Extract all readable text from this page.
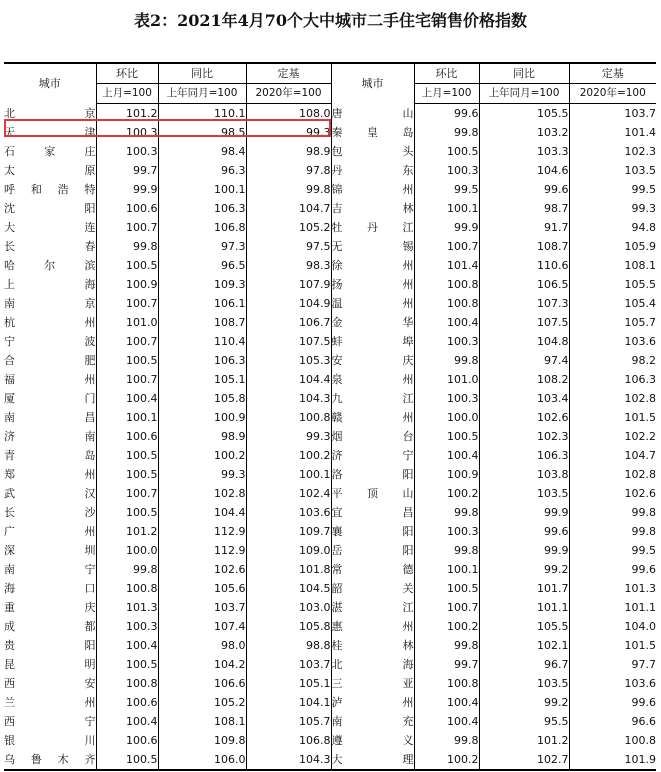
表2：2021年4月70个大中城市二手住宅销售价格指数
城市	环比	同比	定基	城市	环比	同比	定基
	上月=100	上年同月=100	2020年=100		上月=100	上年同月=100	2020年=100
北京	101.2	110.1	108.0	唐山	99.6	105.5	103.7
天津	100.3	98.5	99.3	秦皇岛	99.8	103.2	101.4
石家庄	100.3	98.4	98.9	包头	100.5	103.3	102.3
太原	99.7	96.3	97.8	丹东	100.3	104.6	103.5
呼和浩特	99.9	100.1	99.8	锦州	99.5	99.6	99.5
沈阳	100.6	106.3	104.7	吉林	100.1	98.7	99.3
大连	100.7	106.8	105.2	牡丹江	99.9	91.7	94.8
长春	99.8	97.3	97.5	无锡	100.7	108.7	105.9
哈尔滨	100.5	96.5	98.3	徐州	101.4	110.6	108.1
上海	100.9	109.3	107.9	扬州	100.8	106.5	105.5
南京	100.7	106.1	104.9	温州	100.8	107.3	105.4
杭州	101.0	108.7	106.7	金华	100.4	107.5	105.7
宁波	100.7	110.4	107.5	蚌埠	100.3	104.8	103.6
合肥	100.5	106.3	105.3	安庆	99.8	97.4	98.2
福州	100.7	105.1	104.4	泉州	101.0	108.2	106.3
厦门	100.4	105.8	104.3	九江	100.3	103.4	102.8
南昌	100.1	100.9	100.8	赣州	100.0	102.6	101.5
济南	100.6	98.9	99.3	烟台	100.5	102.3	102.2
青岛	100.5	100.2	100.2	济宁	100.4	106.3	104.7
郑州	100.5	99.3	100.1	洛阳	100.9	103.8	102.8
武汉	100.7	102.8	102.4	平顶山	100.2	103.5	102.6
长沙	100.5	104.4	103.6	宜昌	99.8	99.9	99.8
广州	101.2	112.9	109.7	襄阳	100.3	99.6	99.8
深圳	100.0	112.9	109.0	岳阳	99.8	99.9	99.5
南宁	99.8	102.6	101.8	常德	100.1	99.2	99.6
海口	100.8	105.6	104.5	韶关	100.5	101.7	101.3
重庆	101.3	103.7	103.0	湛江	100.7	101.1	101.1
成都	100.3	107.4	105.8	惠州	100.2	105.5	104.0
贵阳	100.4	98.0	98.8	桂林	99.8	102.1	101.5
昆明	100.5	104.2	103.7	北海	99.7	96.7	97.7
西安	100.8	106.6	105.1	三亚	100.8	103.5	103.6
兰州	100.6	105.2	104.1	泸州	100.4	99.2	99.6
西宁	100.4	108.1	105.7	南充	100.4	95.5	96.6
银川	100.6	109.8	106.8	遵义	99.8	101.2	100.8
乌鲁木齐	100.5	106.0	104.3	大理	100.2	102.7	101.9
